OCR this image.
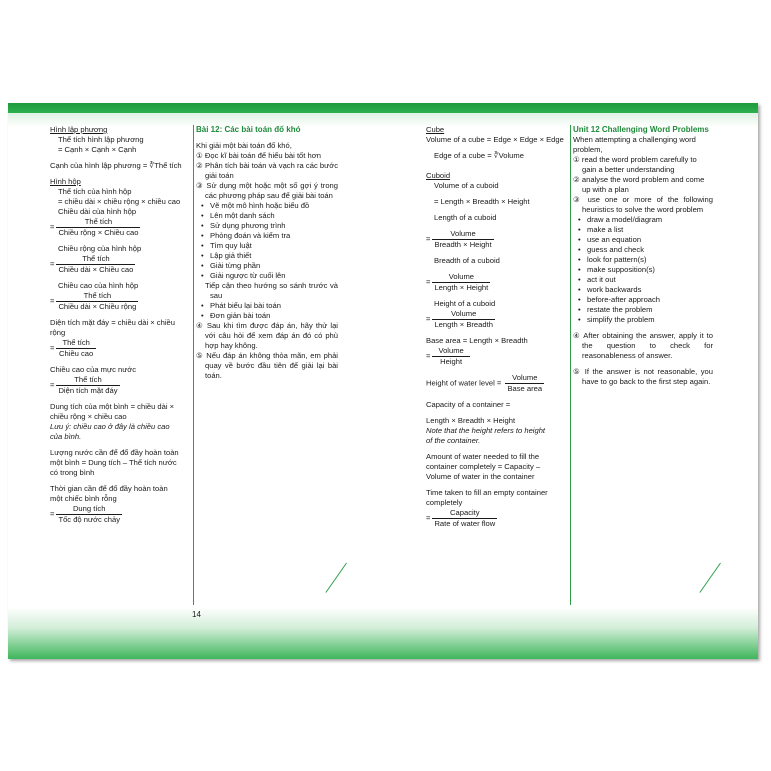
Hình lập phương

Thể tích hình lập phương

= Cạnh × Cạnh × Cạnh

Cạnh của hình lập phương = ∛Thể tích

Hình hộp

Thể tích của hình hộp

= chiều dài × chiều rộng × chiều cao

Chiều dài của hình hộp

= $\frac{\text{Thể tích}}{\text{Chiều rộng × Chiều cao}}$

Chiều rộng của hình hộp

= $\frac{\text{Thể tích}}{\text{Chiều dài × Chiều cao}}$

Chiều cao của hình hộp

= $\frac{\text{Thể tích}}{\text{Chiều dài × Chiều rộng}}$

Diện tích mặt đáy = chiều dài × chiều rộng

= $\frac{\text{Thể tích}}{\text{Chiều cao}}$

Chiều cao của mực nước

= $\frac{\text{Thể tích}}{\text{Diện tích mặt đáy}}$

Dung tích của một bình = chiều dài ×

chiều rộng × chiều cao

Lưu ý: chiều cao ở đây là chiều cao

của bình.

Lượng nước cần để đổ đầy hoàn toàn

một bình = Dung tích – Thể tích nước

có trong bình

Thời gian cần để đổ đầy hoàn toàn

một chiếc bình rỗng

= $\frac{\text{Dung tích}}{\text{Tốc độ nước chảy}}$

Bài 12: Các bài toán đố khó

Khi giải một bài toán đố khó,

① Đọc kĩ bài toán để hiểu bài tốt hơn

② Phân tích bài toán và vạch ra các bước giải toán

③ Sử dụng một hoặc một số gợi ý trong các phương pháp sau để giải bài toán

• Vẽ một mô hình hoặc biểu đồ
• Lên một danh sách
• Sử dụng phương trình
• Phỏng đoán và kiểm tra
• Tìm quy luật
• Lập giả thiết
• Giải từng phần
• Giải ngược từ cuối lên

Tiếp cận theo hướng so sánh trước và sau

• Phát biểu lại bài toán
• Đơn giản bài toán

④ Sau khi tìm được đáp án, hãy thử lại với câu hỏi để xem đáp án đó có phù hợp hay không.

⑤ Nếu đáp án không thỏa mãn, em phải quay về bước đầu tiên để giải lại bài toán.

14

Cube

Volume of a cube = Edge × Edge × Edge

Edge of a cube = ∛Volume

Cuboid

Volume of a cuboid

= Length × Breadth × Height

Length of a cuboid

= $\frac{\text{Volume}}{\text{Breadth × Height}}$

Breadth of a cuboid

= $\frac{\text{Volume}}{\text{Length × Height}}$

Height of a cuboid

= $\frac{\text{Volume}}{\text{Length × Breadth}}$

Base area = Length × Breadth

= $\frac{\text{Volume}}{\text{Height}}$

Height of water level = $\frac{\text{Volume}}{\text{Base area}}$

Capacity of a container =

Length × Breadth × Height

Note that the height refers to height

of the container.

Amount of water needed to fill the

container completely = Capacity –

Volume of water in the container

Time taken to fill an empty container

completely

= $\frac{\text{Capacity}}{\text{Rate of water flow}}$

Unit 12 Challenging Word Problems

When attempting a challenging word problem,

① read the word problem carefully to gain a better understanding

② analyse the word problem and come up with a plan

③ use one or more of the following heuristics to solve the word problem

• draw a model/diagram
• make a list
• use an equation
• guess and check
• look for pattern(s)
• make supposition(s)
• act it out
• work backwards
• before-after approach
• restate the problem
• simplify the problem

④ After obtaining the answer, apply it to the question to check for reasonableness of answer.

⑤ If the answer is not reasonable, you have to go back to the first step again.
